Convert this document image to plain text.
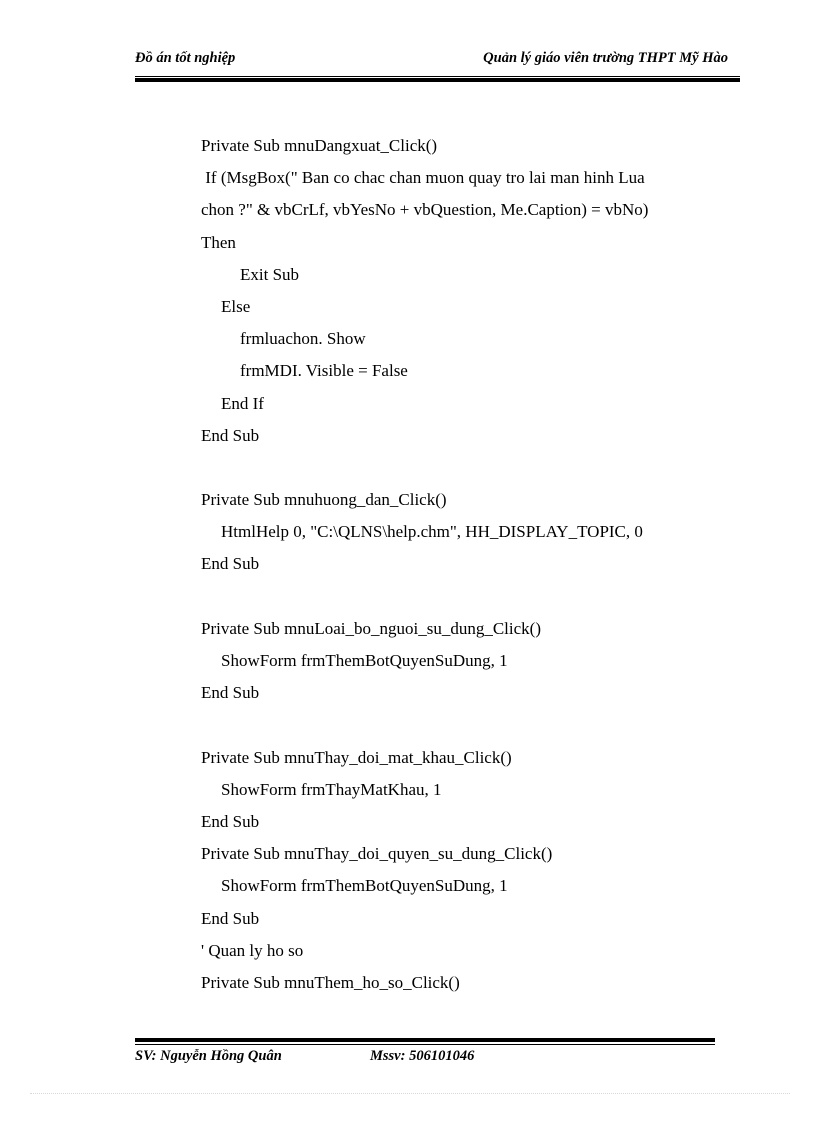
Đồ án tốt nghiệp	Quản lý giáo viên trường THPT Mỹ Hào
Private Sub mnuDangxuat_Click()
If (MsgBox(" Ban co chac chan muon quay tro lai man hinh Lua
chon ?" & vbCrLf, vbYesNo + vbQuestion, Me.Caption) = vbNo)
Then
Exit Sub
Else
frmluachon. Show
frmMDI. Visible = False
End If
End Sub
Private Sub mnuhuong_dan_Click()
HtmlHelp 0, "C:\QLNS\help.chm", HH_DISPLAY_TOPIC, 0
End Sub
Private Sub mnuLoai_bo_nguoi_su_dung_Click()
ShowForm frmThemBotQuyenSuDung, 1
End Sub
Private Sub mnuThay_doi_mat_khau_Click()
ShowForm frmThayMatKhau, 1
End Sub
Private Sub mnuThay_doi_quyen_su_dung_Click()
ShowForm frmThemBotQuyenSuDung, 1
End Sub
' Quan ly ho so
Private Sub mnuThem_ho_so_Click()
SV: Nguyễn Hồng Quân	Mssv: 506101046
